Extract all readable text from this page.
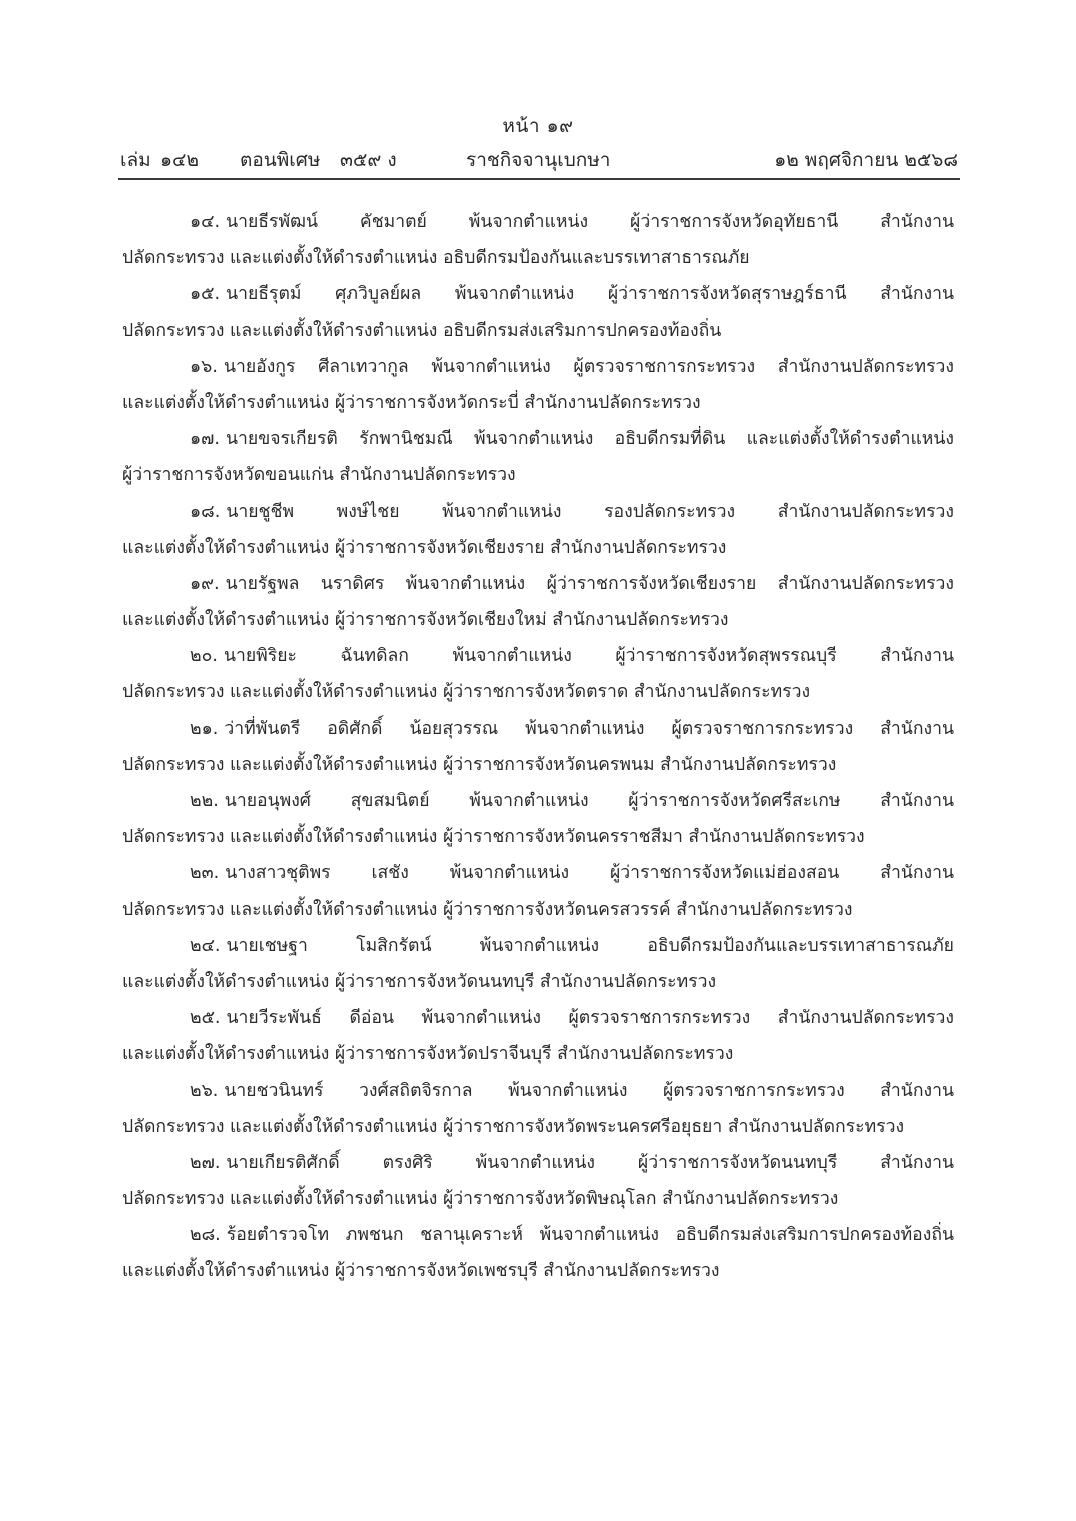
หน้า ๑๙
เล่ม ๑๔๒ ตอนพิเศษ ๓๕๙ ง	ราชกิจจานุเบกษา	๑๒ พฤศจิกายน ๒๕๖๘
๑๔. นายธีรพัฒน์ คัชมาตย์ พ้นจากตำแหน่ง ผู้ว่าราชการจังหวัดอุทัยธานี สำนักงาน
ปลัดกระทรวง และแต่งตั้งให้ดำรงตำแหน่ง อธิบดีกรมป้องกันและบรรเทาสาธารณภัย
๑๕. นายธีรุตม์ ศุภวิบูลย์ผล พ้นจากตำแหน่ง ผู้ว่าราชการจังหวัดสุราษฎร์ธานี สำนักงาน
ปลัดกระทรวง และแต่งตั้งให้ดำรงตำแหน่ง อธิบดีกรมส่งเสริมการปกครองท้องถิ่น
๑๖. นายอังกูร ศีลาเทวากูล พ้นจากตำแหน่ง ผู้ตรวจราชการกระทรวง สำนักงานปลัดกระทรวง
และแต่งตั้งให้ดำรงตำแหน่ง ผู้ว่าราชการจังหวัดกระบี่ สำนักงานปลัดกระทรวง
๑๗. นายขจรเกียรติ รักพานิชมณี พ้นจากตำแหน่ง อธิบดีกรมที่ดิน และแต่งตั้งให้ดำรงตำแหน่ง
ผู้ว่าราชการจังหวัดขอนแก่น สำนักงานปลัดกระทรวง
๑๘. นายชูชีพ พงษ์ไชย พ้นจากตำแหน่ง รองปลัดกระทรวง สำนักงานปลัดกระทรวง
และแต่งตั้งให้ดำรงตำแหน่ง ผู้ว่าราชการจังหวัดเชียงราย สำนักงานปลัดกระทรวง
๑๙. นายรัฐพล นราดิศร พ้นจากตำแหน่ง ผู้ว่าราชการจังหวัดเชียงราย สำนักงานปลัดกระทรวง
และแต่งตั้งให้ดำรงตำแหน่ง ผู้ว่าราชการจังหวัดเชียงใหม่ สำนักงานปลัดกระทรวง
๒๐. นายพิริยะ ฉันทดิลก พ้นจากตำแหน่ง ผู้ว่าราชการจังหวัดสุพรรณบุรี สำนักงาน
ปลัดกระทรวง และแต่งตั้งให้ดำรงตำแหน่ง ผู้ว่าราชการจังหวัดตราด สำนักงานปลัดกระทรวง
๒๑. ว่าที่พันตรี อดิศักดิ์ น้อยสุวรรณ พ้นจากตำแหน่ง ผู้ตรวจราชการกระทรวง สำนักงาน
ปลัดกระทรวง และแต่งตั้งให้ดำรงตำแหน่ง ผู้ว่าราชการจังหวัดนครพนม สำนักงานปลัดกระทรวง
๒๒. นายอนุพงศ์ สุขสมนิตย์ พ้นจากตำแหน่ง ผู้ว่าราชการจังหวัดศรีสะเกษ สำนักงาน
ปลัดกระทรวง และแต่งตั้งให้ดำรงตำแหน่ง ผู้ว่าราชการจังหวัดนครราชสีมา สำนักงานปลัดกระทรวง
๒๓. นางสาวชุติพร เสชัง พ้นจากตำแหน่ง ผู้ว่าราชการจังหวัดแม่ฮ่องสอน สำนักงาน
ปลัดกระทรวง และแต่งตั้งให้ดำรงตำแหน่ง ผู้ว่าราชการจังหวัดนครสวรรค์ สำนักงานปลัดกระทรวง
๒๔. นายเชษฐา โมสิกรัตน์ พ้นจากตำแหน่ง อธิบดีกรมป้องกันและบรรเทาสาธารณภัย
และแต่งตั้งให้ดำรงตำแหน่ง ผู้ว่าราชการจังหวัดนนทบุรี สำนักงานปลัดกระทรวง
๒๕. นายวีระพันธ์ ดีอ่อน พ้นจากตำแหน่ง ผู้ตรวจราชการกระทรวง สำนักงานปลัดกระทรวง
และแต่งตั้งให้ดำรงตำแหน่ง ผู้ว่าราชการจังหวัดปราจีนบุรี สำนักงานปลัดกระทรวง
๒๖. นายชวนินทร์ วงศ์สถิตจิรกาล พ้นจากตำแหน่ง ผู้ตรวจราชการกระทรวง สำนักงาน
ปลัดกระทรวง และแต่งตั้งให้ดำรงตำแหน่ง ผู้ว่าราชการจังหวัดพระนครศรีอยุธยา สำนักงานปลัดกระทรวง
๒๗. นายเกียรติศักดิ์ ตรงศิริ พ้นจากตำแหน่ง ผู้ว่าราชการจังหวัดนนทบุรี สำนักงาน
ปลัดกระทรวง และแต่งตั้งให้ดำรงตำแหน่ง ผู้ว่าราชการจังหวัดพิษณุโลก สำนักงานปลัดกระทรวง
๒๘. ร้อยตำรวจโท ภพชนก ชลานุเคราะห์ พ้นจากตำแหน่ง อธิบดีกรมส่งเสริมการปกครองท้องถิ่น
และแต่งตั้งให้ดำรงตำแหน่ง ผู้ว่าราชการจังหวัดเพชรบุรี สำนักงานปลัดกระทรวง
